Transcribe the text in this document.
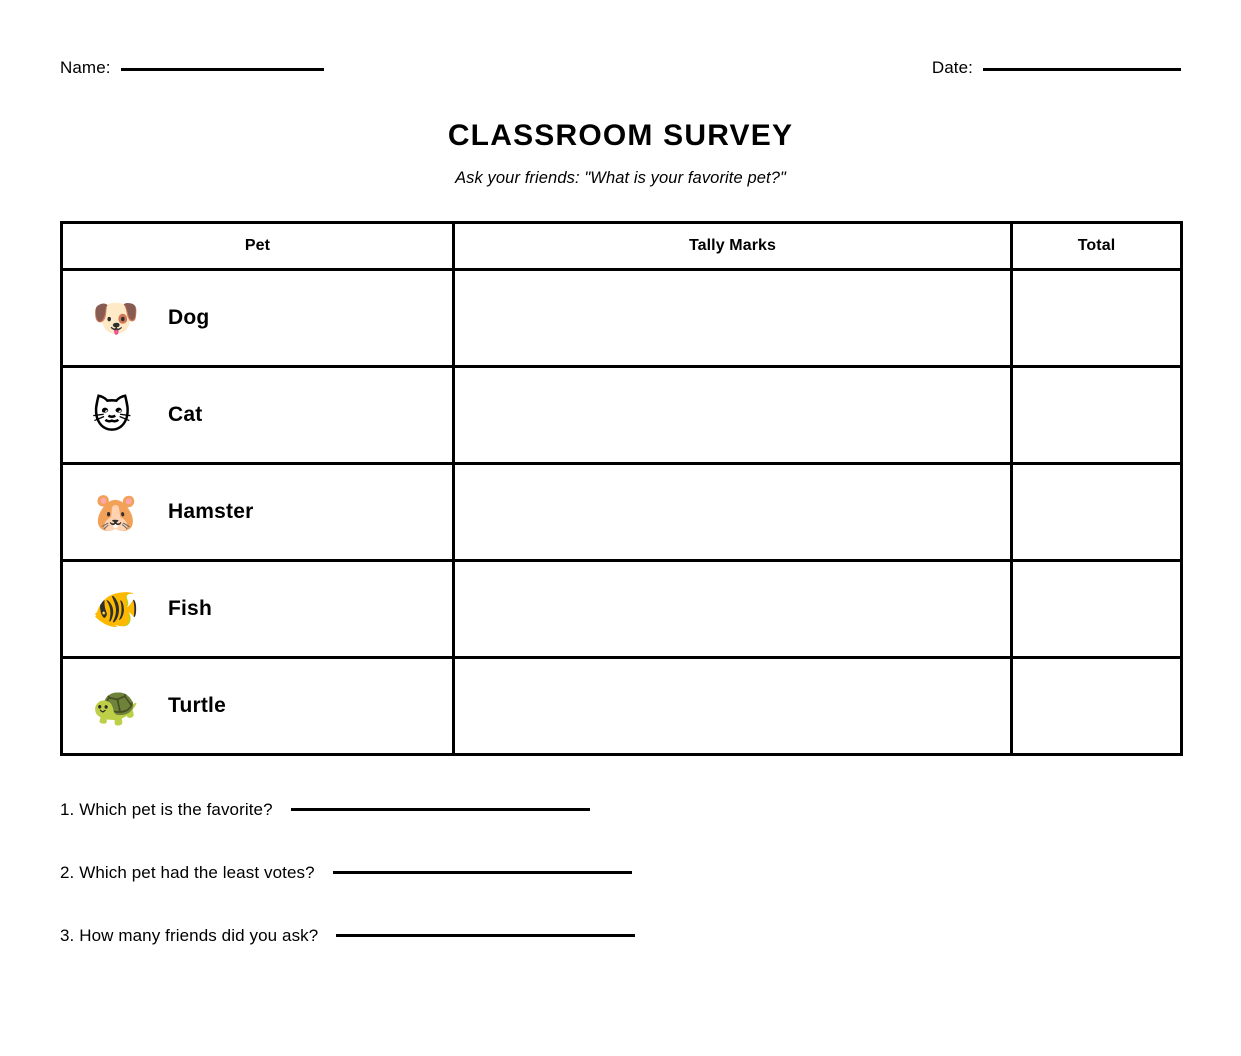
Name:	Date:
CLASSROOM SURVEY
Ask your friends: "What is your favorite pet?"
Pet	Tally Marks	Total

🐶 Dog		

🐱 Cat		

🐹 Hamster		

🐠 Fish		

🐢 Turtle		

1. Which pet is the favorite?
2. Which pet had the least votes?
3. How many friends did you ask?
